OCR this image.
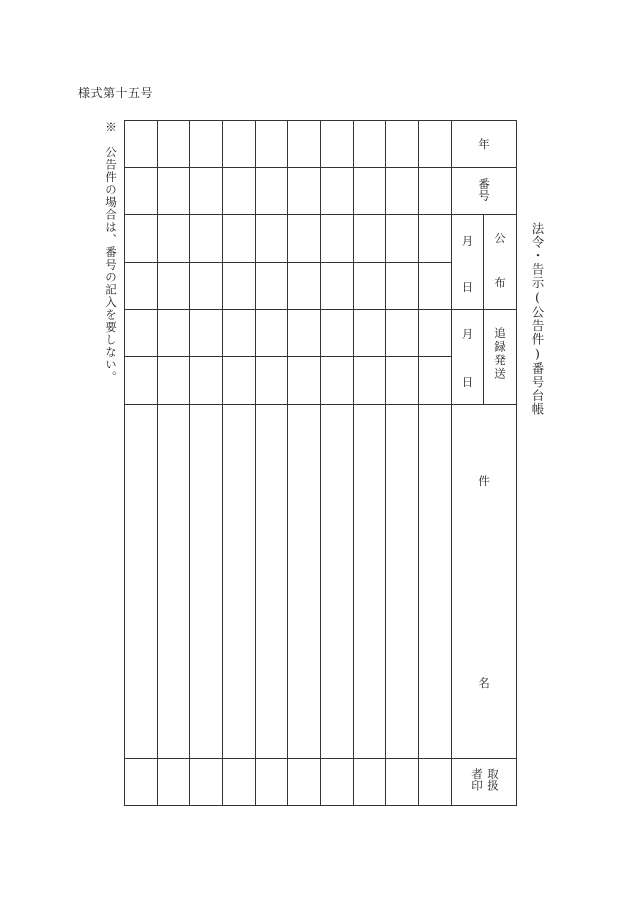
様式第十五号
※　公告件の場合は、番号の記入を要しない。	法令・告示(公告件)番号台帳
年
番号
月
日	公布
月
日
追録発送
件
名
取扱
者印
